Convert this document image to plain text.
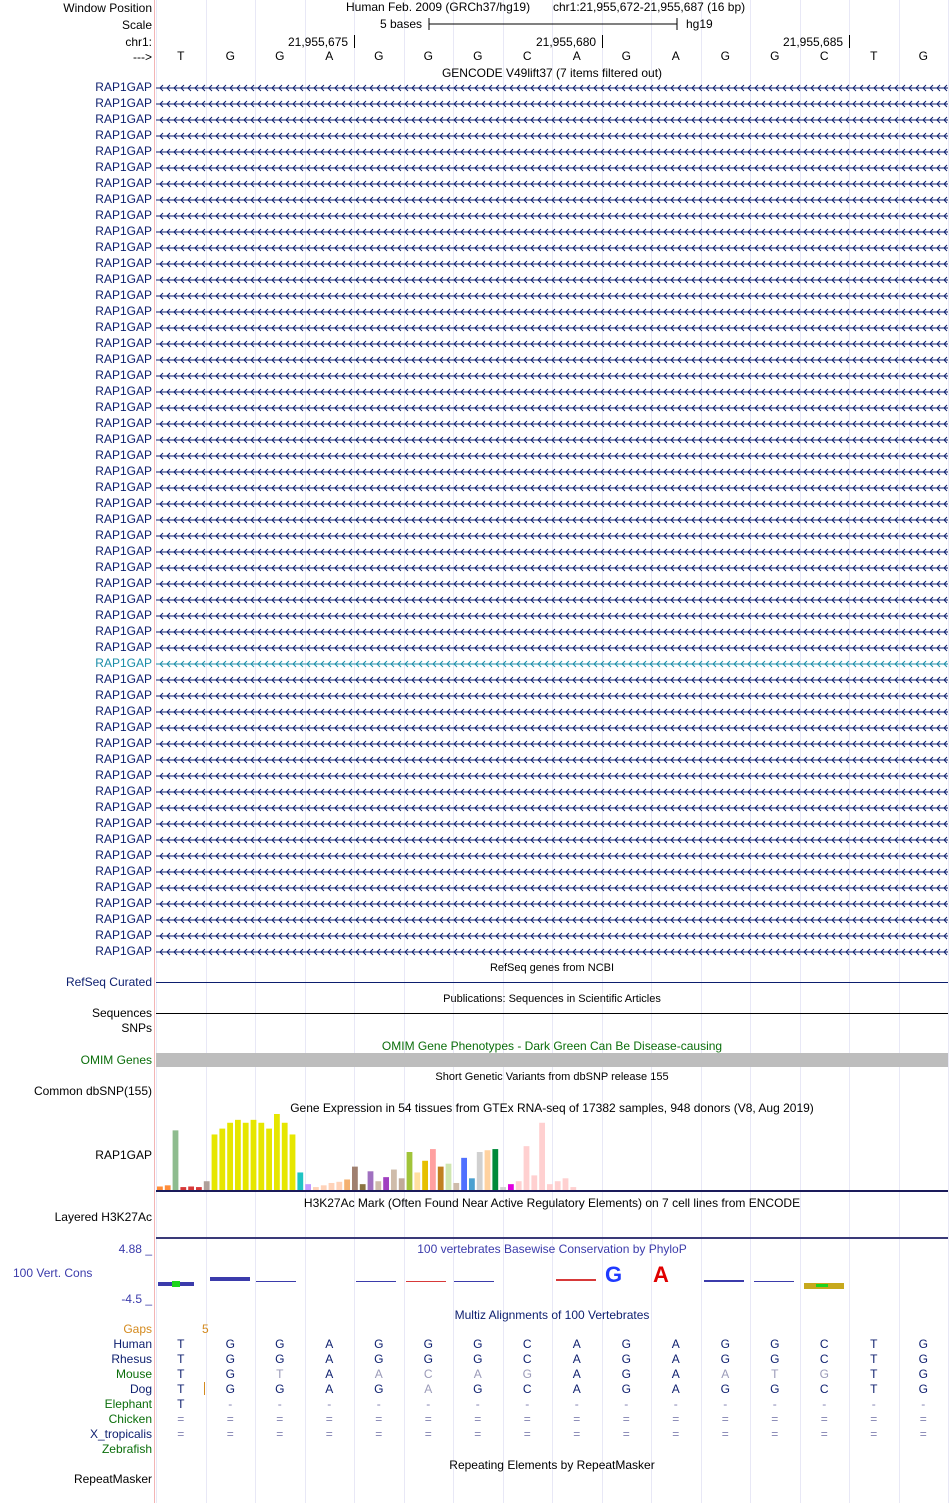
Window Position	Human Feb. 2009 (GRCh37/hg19) chr1:21,955,672-21,955,687 (16 bp)
Scale	5 bases	hg19
chr1:	21,955,675	21,955,680	21,955,685
--->
GENCODE V49lift37 (7 items filtered out)
RefSeq genes from NCBI
RefSeq Curated
Publications: Sequences in Scientific Articles
Sequences
SNPs
OMIM Gene Phenotypes - Dark Green Can Be Disease-causing
OMIM Genes
Short Genetic Variants from dbSNP release 155
Common dbSNP(155)
Gene Expression in 54 tissues from GTEx RNA-seq of 17382 samples, 948 donors (V8, Aug 2019)
RAP1GAP
H3K27Ac Mark (Often Found Near Active Regulatory Elements) on 7 cell lines from ENCODE
Layered H3K27Ac
100 vertebrates Basewise Conservation by PhyloP
4.88 _
100 Vert. Cons
-4.5 _
G A
Multiz Alignments of 100 Vertebrates
Gaps	5
Repeating Elements by RepeatMasker
RepeatMasker
T	G	G	A	G	G	G	C	A	G	A	G	G	C	T	G
RAP1GAP
RAP1GAP
RAP1GAP
RAP1GAP
RAP1GAP
RAP1GAP
RAP1GAP
RAP1GAP
RAP1GAP
RAP1GAP
RAP1GAP
RAP1GAP
RAP1GAP
RAP1GAP
RAP1GAP
RAP1GAP
RAP1GAP
RAP1GAP
RAP1GAP
RAP1GAP
RAP1GAP
RAP1GAP
RAP1GAP
RAP1GAP
RAP1GAP
RAP1GAP
RAP1GAP
RAP1GAP
RAP1GAP
RAP1GAP
RAP1GAP
RAP1GAP
RAP1GAP
RAP1GAP
RAP1GAP
RAP1GAP
RAP1GAP
RAP1GAP
RAP1GAP
RAP1GAP
RAP1GAP
RAP1GAP
RAP1GAP
RAP1GAP
RAP1GAP
RAP1GAP
RAP1GAP
RAP1GAP
RAP1GAP
RAP1GAP
RAP1GAP
RAP1GAP
RAP1GAP
RAP1GAP
RAP1GAP
Human T	G	G	A	G	G	G	C	A	G	A	G	G	C	T	G
Rhesus T	G	G	A	G	G	G	C	A	G	A	G	G	C	T	G
Mouse T	G	T	A	A	C	A	G	A	G	A	A	T	G	T	G
Dog T	G	G	A	G	A	G	C	A	G	A	G	G	C	T	G
Elephant T	-	-	-	-	-	-	-	-	-	-	-	-	-	-	-
Chicken =	=	=	=	=	=	=	=	=	=	=	=	=	=	=	=
X_tropicalis =	=	=	=	=	=	=	=	=	=	=	=	=	=	=	=
Zebrafish
